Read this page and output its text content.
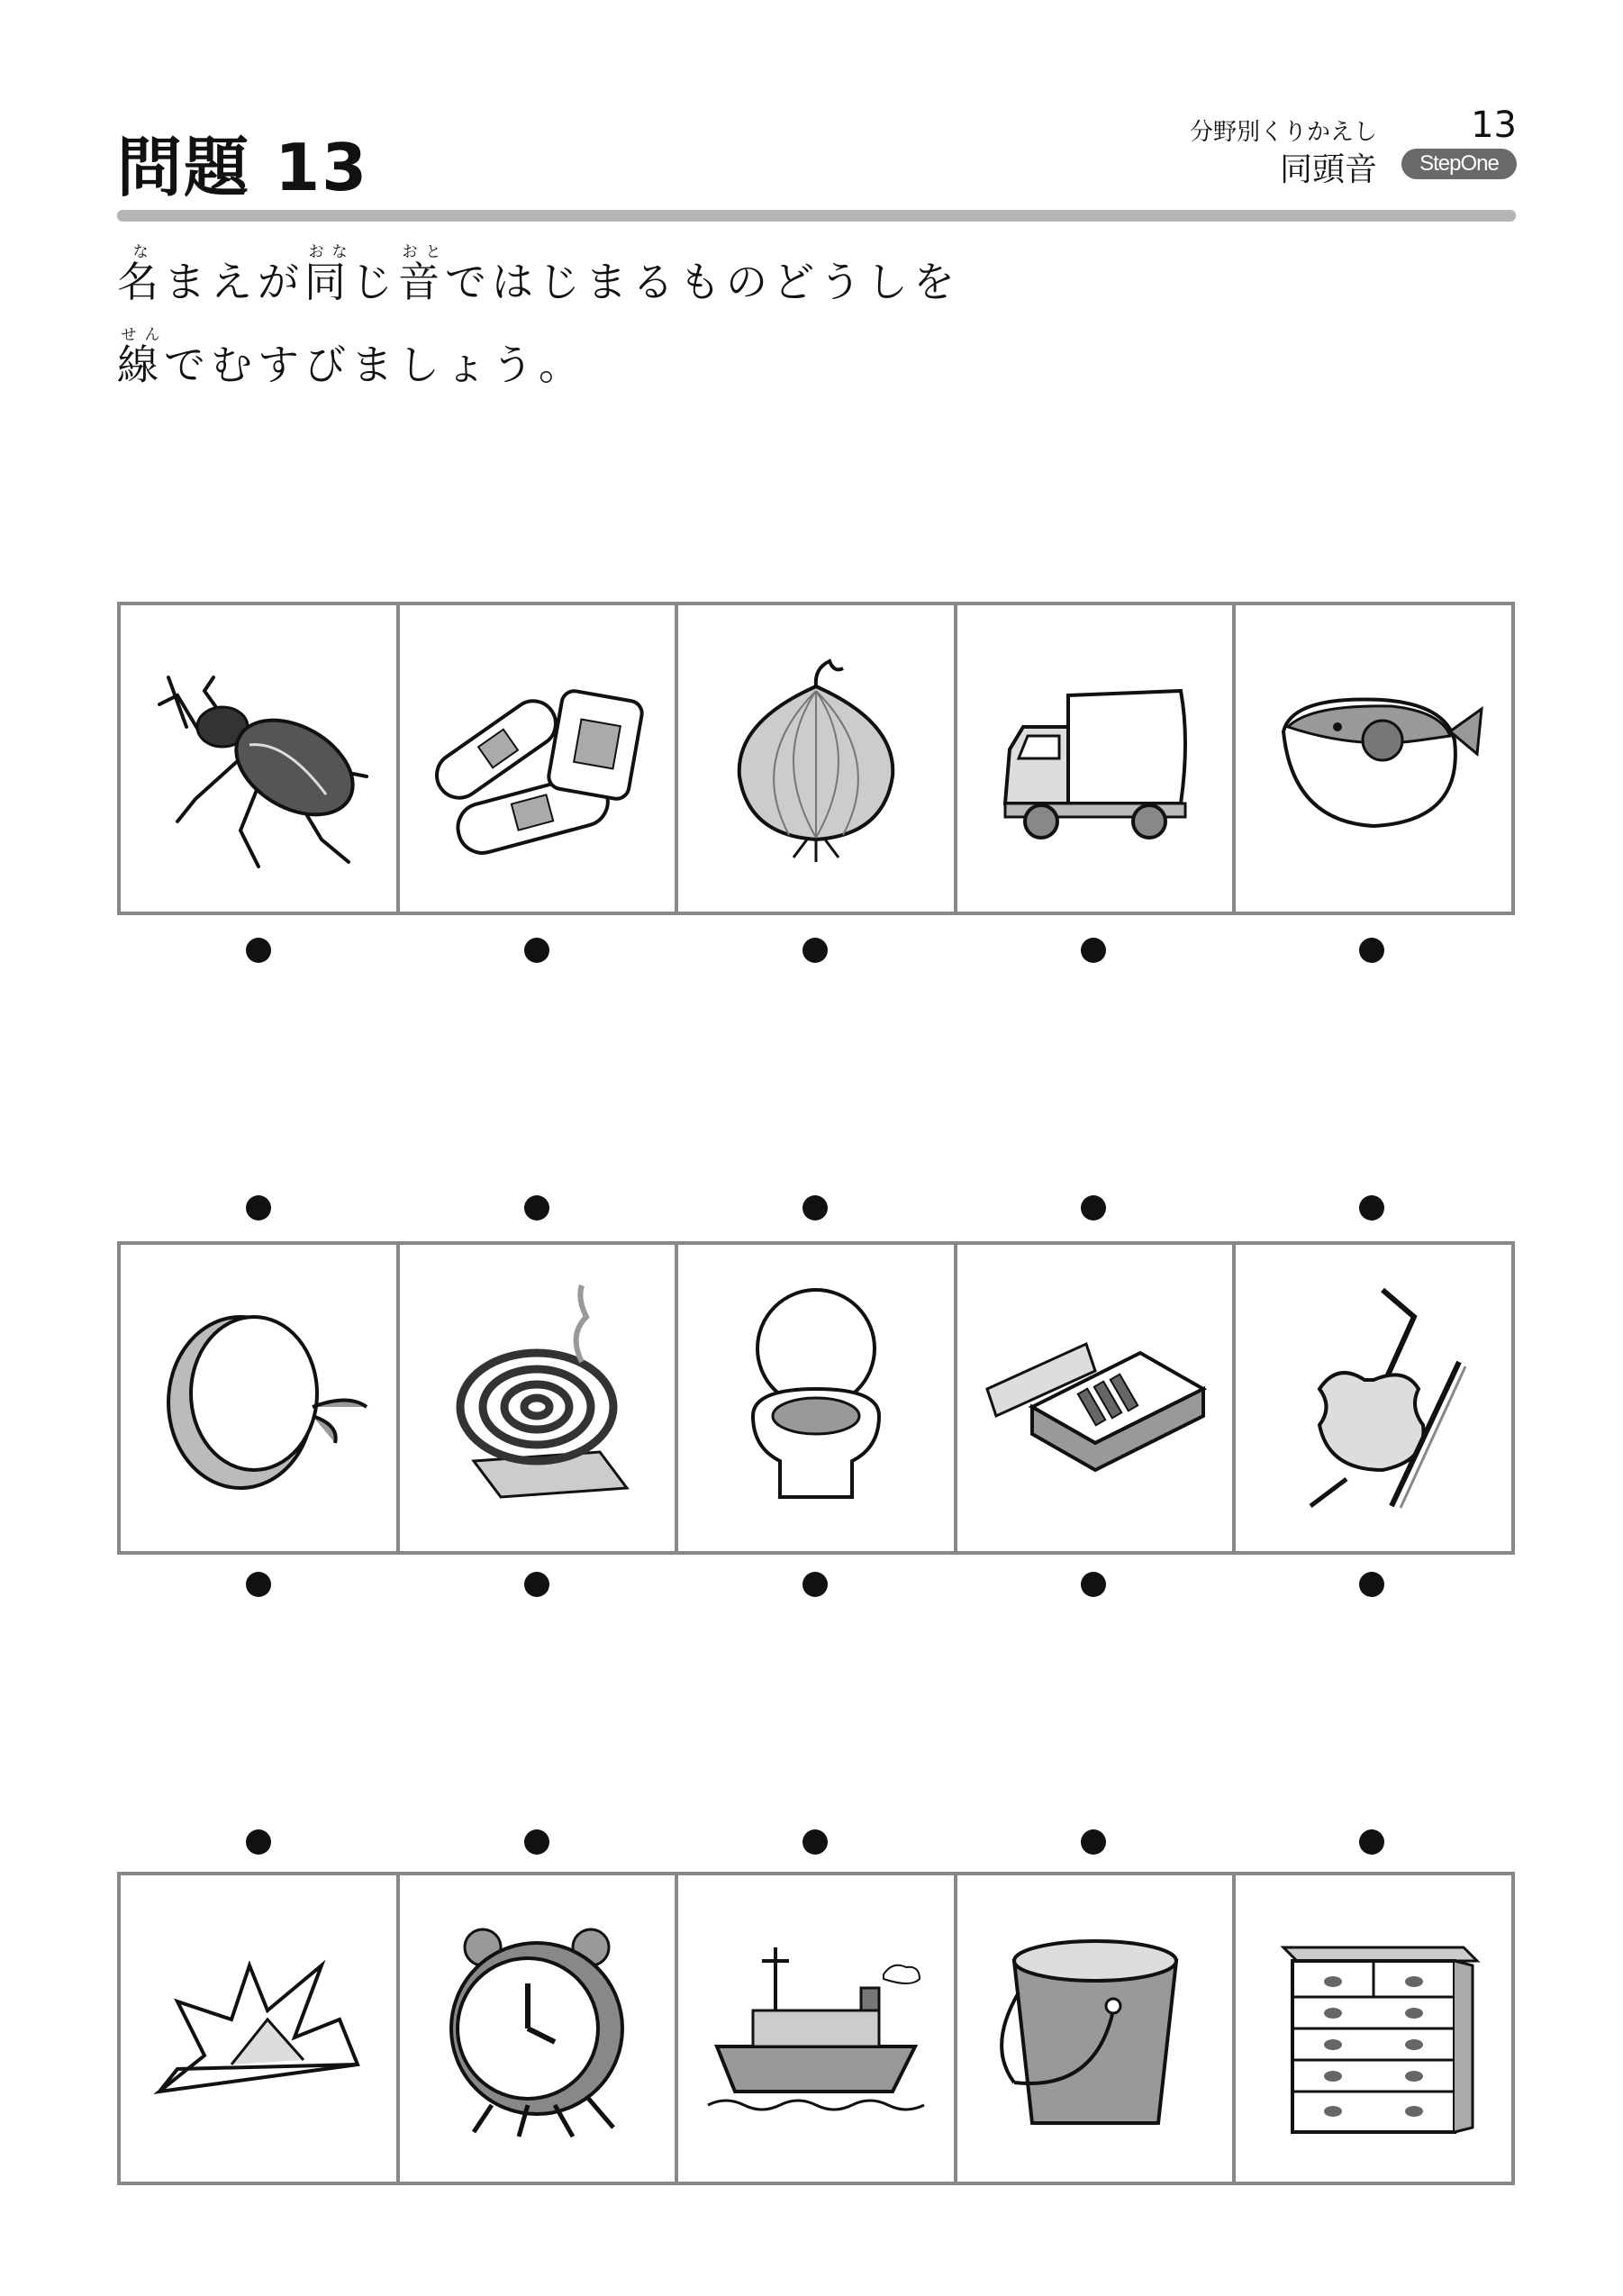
問題 13	分野別くりかえし	13
同頭音	StepOne

名なまえが同おなじ音おとではじまるものどうしを

線せんでむすびましょう。
